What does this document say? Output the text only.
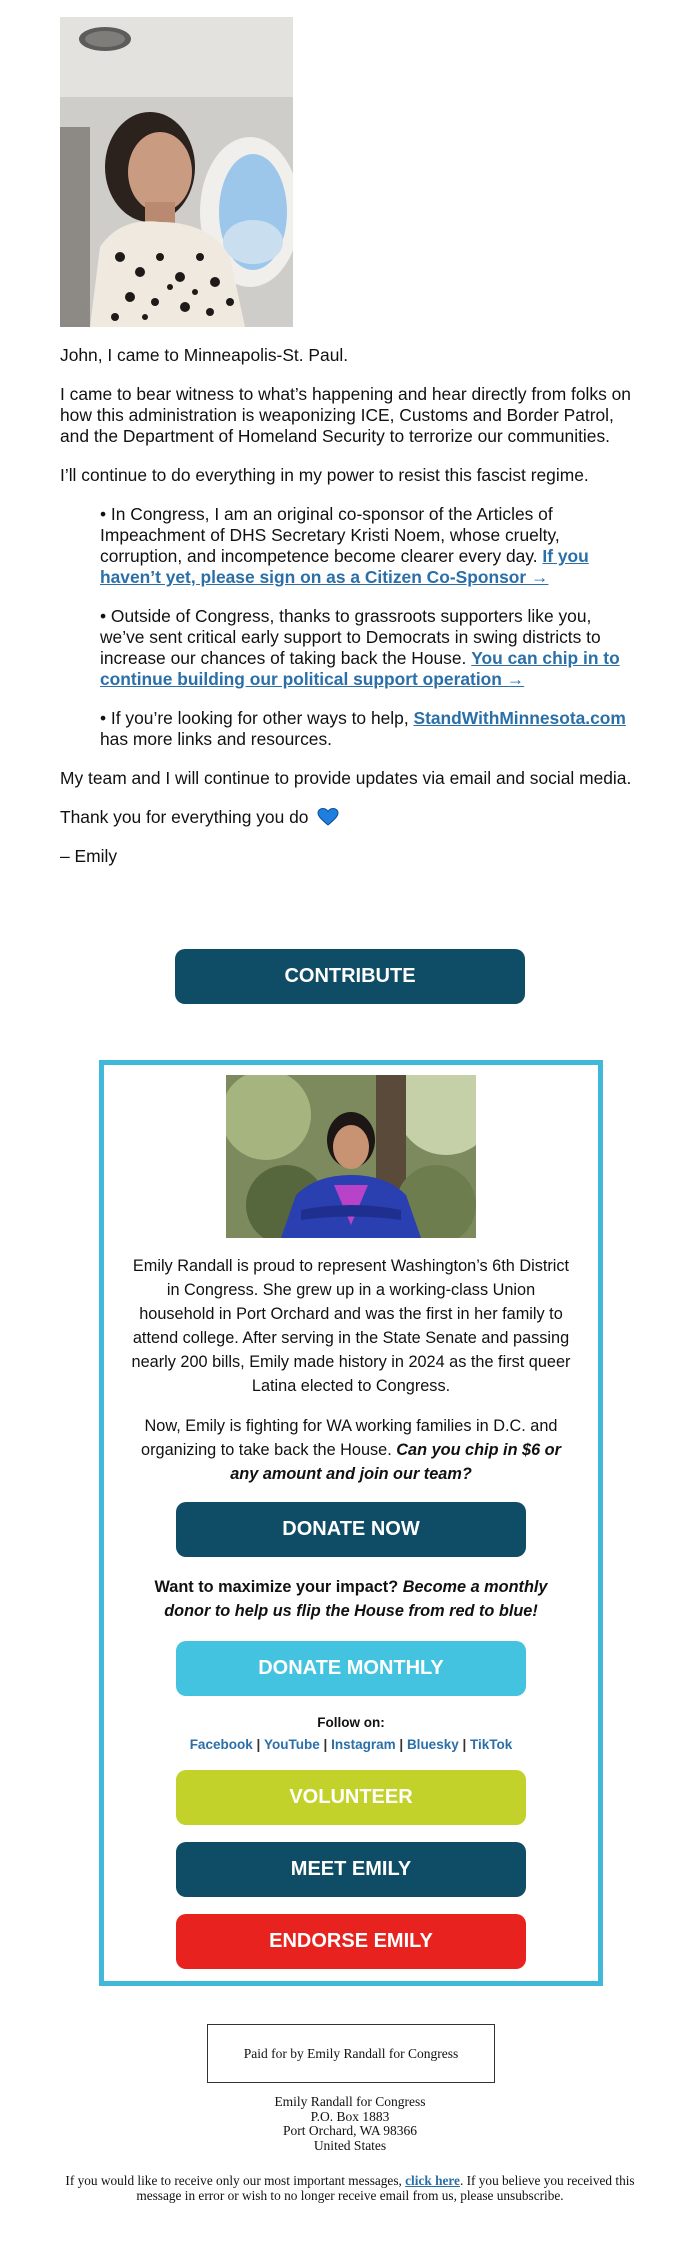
John, I came to Minneapolis-St. Paul.

I came to bear witness to what’s happening and hear directly from folks on how this administration is weaponizing ICE, Customs and Border Patrol, and the Department of Homeland Security to terrorize our communities.

I’ll continue to do everything in my power to resist this fascist regime.

• In Congress, I am an original co-sponsor of the Articles of Impeachment of DHS Secretary Kristi Noem, whose cruelty, corruption, and incompetence become clearer every day. If you haven’t yet, please sign on as a Citizen Co-Sponsor →

• Outside of Congress, thanks to grassroots supporters like you, we’ve sent critical early support to Democrats in swing districts to increase our chances of taking back the House. You can chip in to continue building our political support operation →

• If you’re looking for other ways to help, StandWithMinnesota.com has more links and resources.

My team and I will continue to provide updates via email and social media.

Thank you for everything you do

– Emily

CONTRIBUTE

Emily Randall is proud to represent Washington’s 6th District in Congress. She grew up in a working-class Union household in Port Orchard and was the first in her family to attend college. After serving in the State Senate and passing nearly 200 bills, Emily made history in 2024 as the first queer Latina elected to Congress.

Now, Emily is fighting for WA working families in D.C. and organizing to take back the House. Can you chip in $6 or any amount and join our team?

DONATE NOW
Want to maximize your impact? Become a monthly donor to help us flip the House from red to blue!
DONATE MONTHLY
Follow on:
Facebook | YouTube | Instagram | Bluesky | TikTok
VOLUNTEER
MEET EMILY
ENDORSE EMILY
Paid for by Emily Randall for Congress
Emily Randall for Congress
P.O. Box 1883
Port Orchard, WA 98366
United States
If you would like to receive only our most important messages, click here. If you believe you received this message in error or wish to no longer receive email from us, please unsubscribe.
